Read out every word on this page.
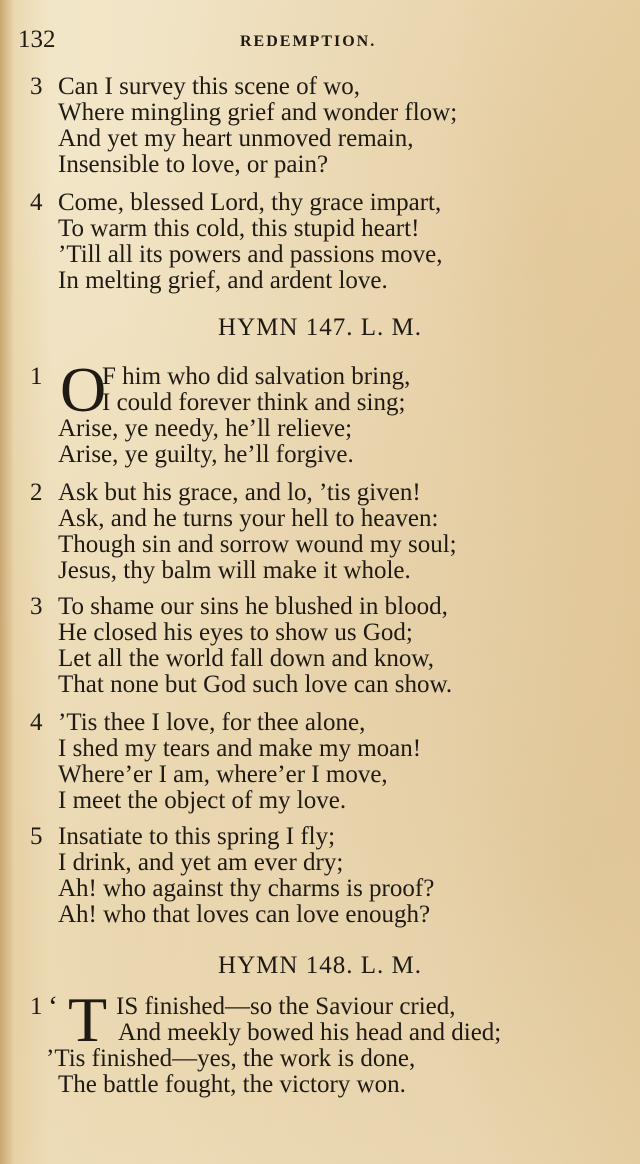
132	REDEMPTION.
3 Can I survey this scene of wo,
Where mingling grief and wonder flow;
And yet my heart unmoved remain,
Insensible to love, or pain?
4 Come, blessed Lord, thy grace impart,
To warm this cold, this stupid heart!
’Till all its powers and passions move,
In melting grief, and ardent love.
HYMN 147. L. M.
1 O
F him who did salvation bring,
I could forever think and sing;
Arise, ye needy, he’ll relieve;
Arise, ye guilty, he’ll forgive.
2 Ask but his grace, and lo, ’tis given!
Ask, and he turns your hell to heaven:
Though sin and sorrow wound my soul;
Jesus, thy balm will make it whole.
3 To shame our sins he blushed in blood,
He closed his eyes to show us God;
Let all the world fall down and know,
That none but God such love can show.
4 ’Tis thee I love, for thee alone,
I shed my tears and make my moan!
Where’er I am, where’er I move,
I meet the object of my love.
5 Insatiate to this spring I fly;
I drink, and yet am ever dry;
Ah! who against thy charms is proof?
Ah! who that loves can love enough?
HYMN 148. L. M.
1 ‘ T IS finished—so the Saviour cried,
And meekly bowed his head and died;
’Tis finished—yes, the work is done,
The battle fought, the victory won.
